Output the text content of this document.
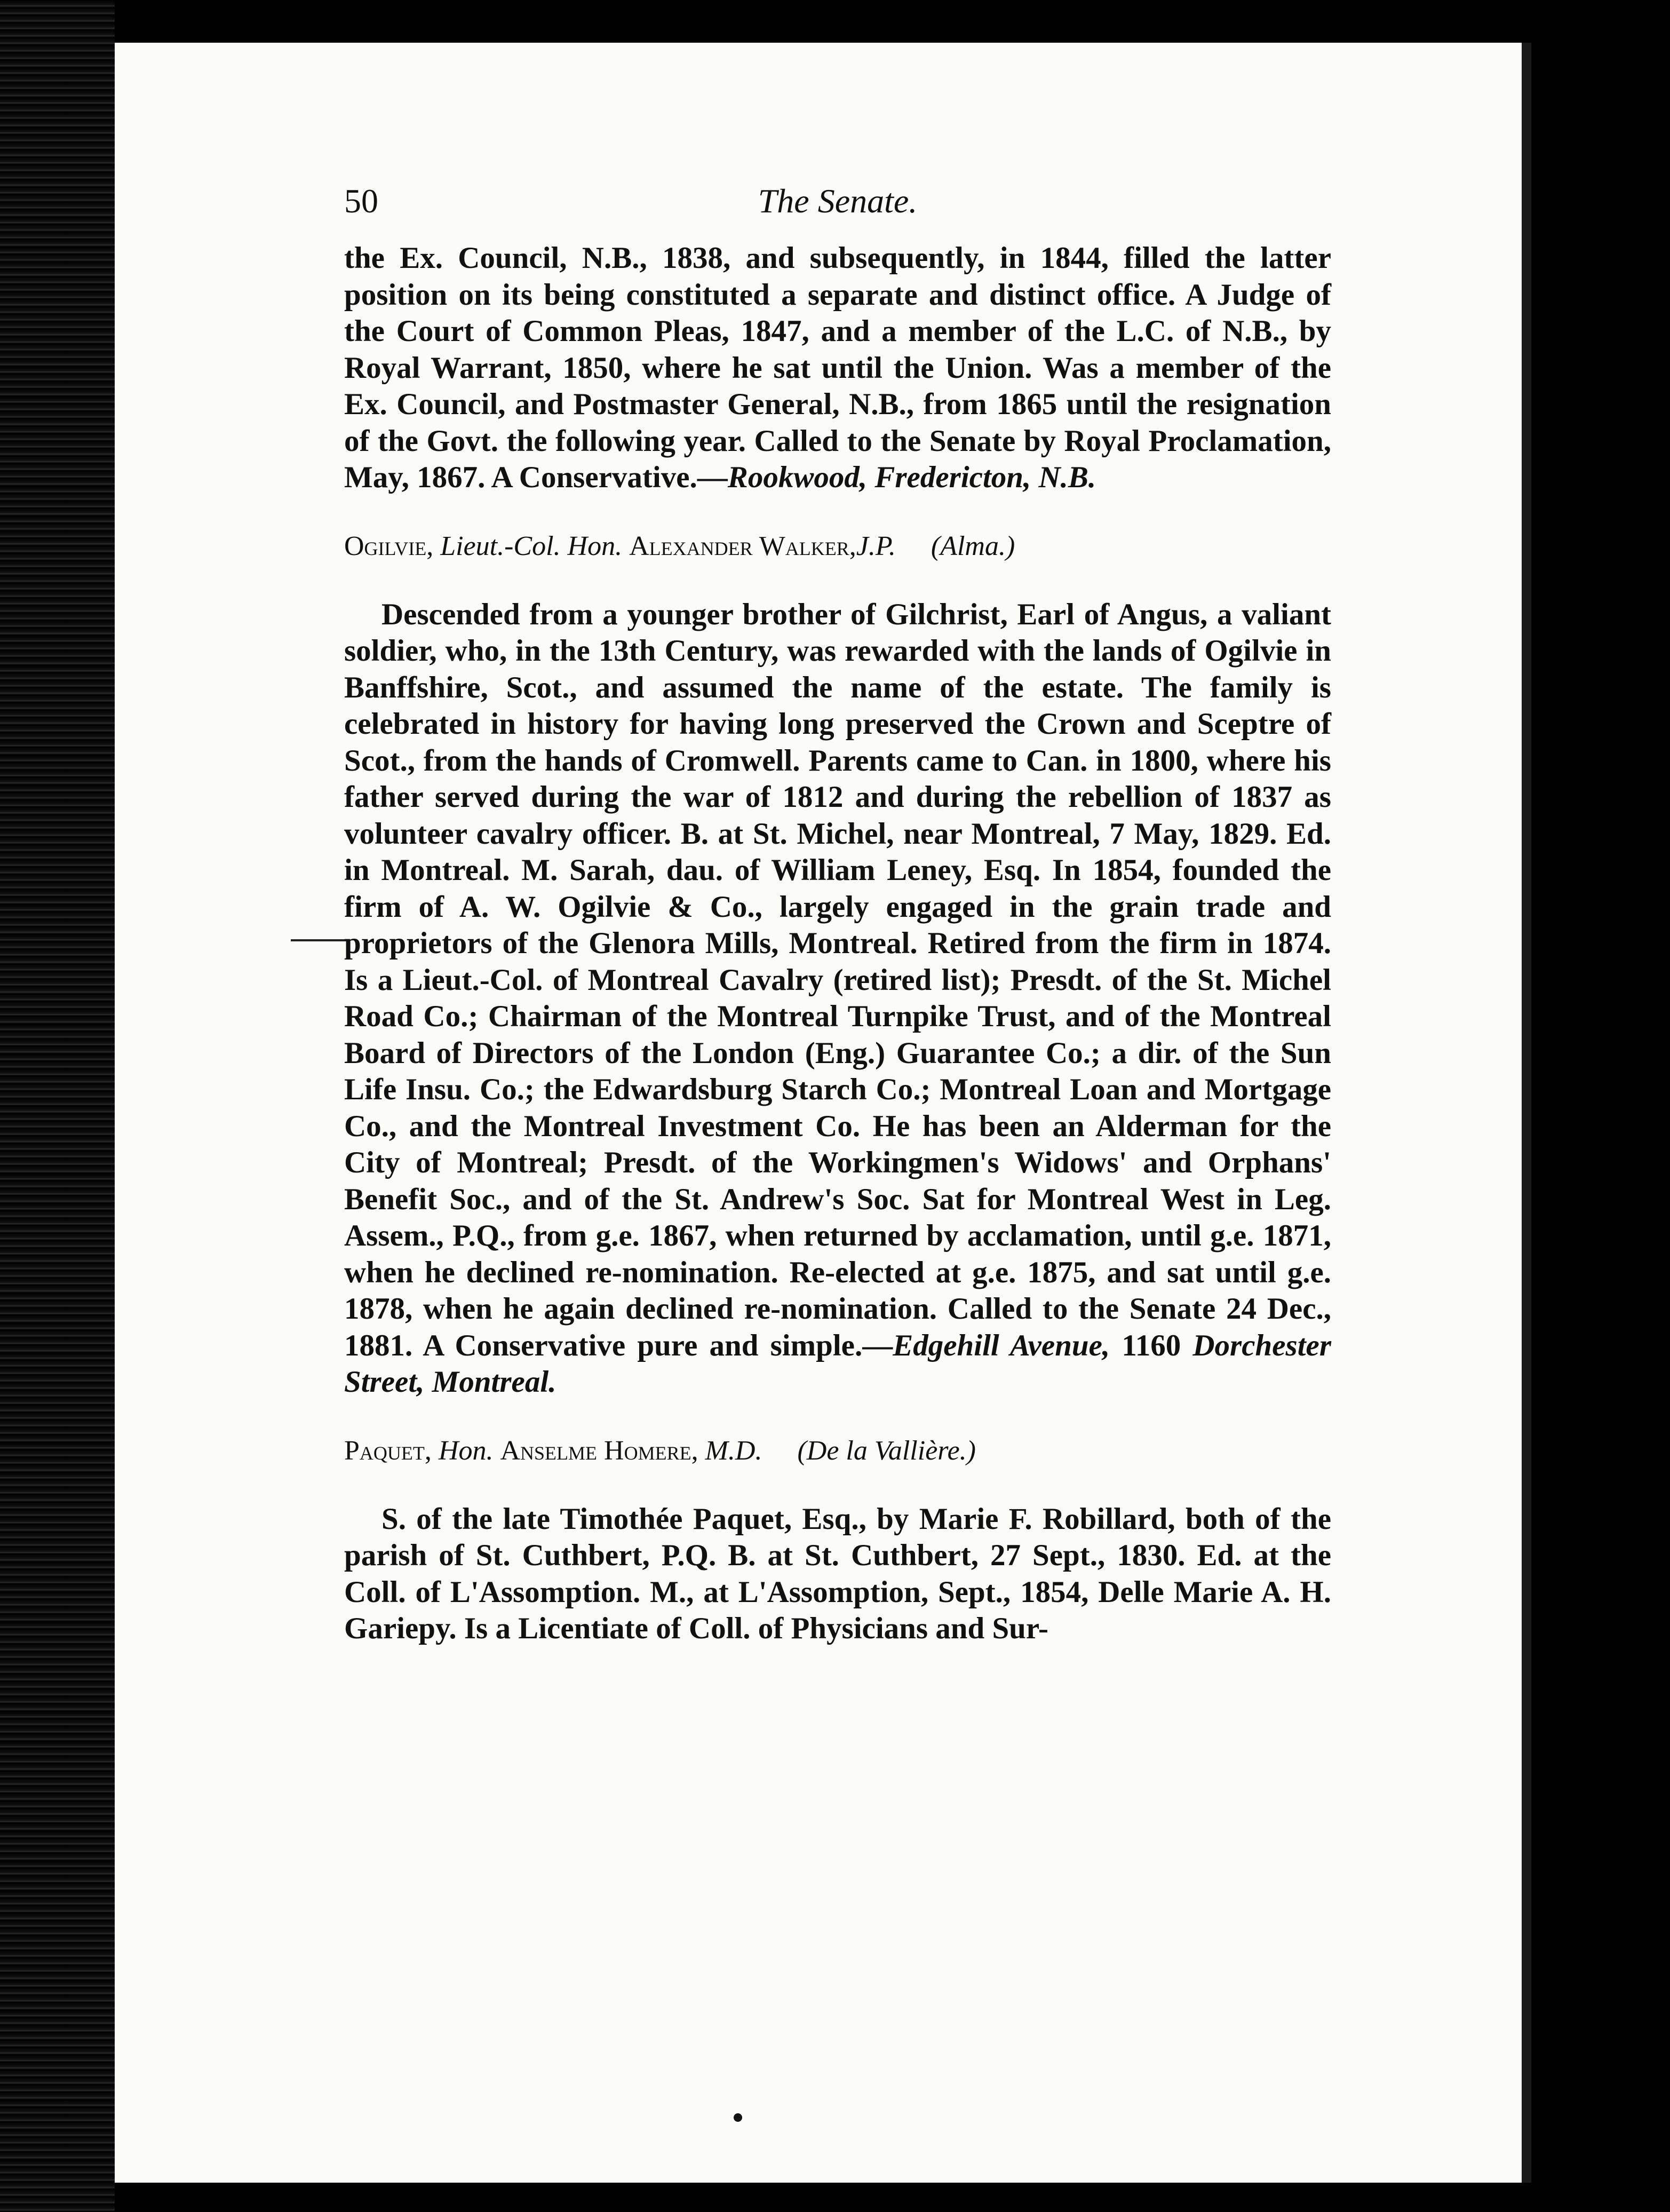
50	The Senate.

the Ex. Council, N.B., 1838, and subsequently, in 1844, filled the latter position on its being constituted a separate and distinct office. A Judge of the Court of Common Pleas, 1847, and a member of the L.C. of N.B., by Royal Warrant, 1850, where he sat until the Union. Was a member of the Ex. Council, and Postmaster General, N.B., from 1865 until the resignation of the Govt. the following year. Called to the Senate by Royal Proclamation, May, 1867. A Conservative.—Rookwood, Fredericton, N.B.

Ogilvie, Lieut.-Col. Hon. Alexander Walker,J.P. (Alma.)

Descended from a younger brother of Gilchrist, Earl of Angus, a valiant soldier, who, in the 13th Century, was rewarded with the lands of Ogilvie in Banffshire, Scot., and assumed the name of the estate. The family is celebrated in history for having long preserved the Crown and Sceptre of Scot., from the hands of Cromwell. Parents came to Can. in 1800, where his father served during the war of 1812 and during the rebellion of 1837 as volunteer cavalry officer. B. at St. Michel, near Montreal, 7 May, 1829. Ed. in Montreal. M. Sarah, dau. of William Leney, Esq. In 1854, founded the firm of A. W. Ogilvie & Co., largely engaged in the grain trade and proprietors of the Glenora Mills, Montreal. Retired from the firm in 1874. Is a Lieut.-Col. of Montreal Cavalry (retired list); Presdt. of the St. Michel Road Co.; Chairman of the Montreal Turnpike Trust, and of the Montreal Board of Directors of the London (Eng.) Guarantee Co.; a dir. of the Sun Life Insu. Co.; the Edwardsburg Starch Co.; Montreal Loan and Mortgage Co., and the Montreal Investment Co. He has been an Alderman for the City of Montreal; Presdt. of the Workingmen's Widows' and Orphans' Benefit Soc., and of the St. Andrew's Soc. Sat for Montreal West in Leg. Assem., P.Q., from g.e. 1867, when returned by acclamation, until g.e. 1871, when he declined re-nomination. Re-elected at g.e. 1875, and sat until g.e. 1878, when he again declined re-nomination. Called to the Senate 24 Dec., 1881. A Conservative pure and simple.—Edgehill Avenue, 1160 Dorchester Street, Montreal.

Paquet, Hon. Anselme Homere, M.D. (De la Vallière.)

S. of the late Timothée Paquet, Esq., by Marie F. Robillard, both of the parish of St. Cuthbert, P.Q. B. at St. Cuthbert, 27 Sept., 1830. Ed. at the Coll. of L'Assomption. M., at L'Assomption, Sept., 1854, Delle Marie A. H. Gariepy. Is a Licentiate of Coll. of Physicians and Sur-
